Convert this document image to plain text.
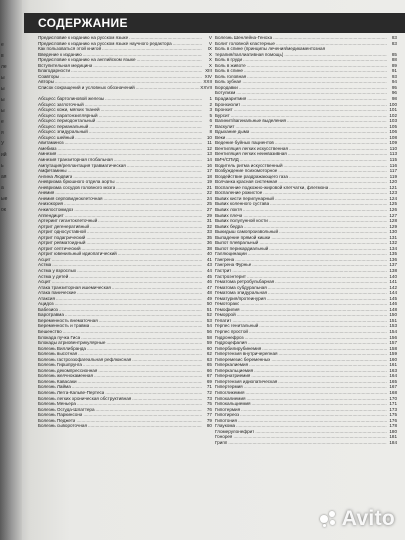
е
в
ле
ы
ы
ы
ы
е
я
У
ий
ь
ая
а
ые
ок
СОДЕРЖАНИЕ
Предисловие к изданию на русском языке .....	V
Предисловие к изданию на русском языке научного редактора .....	V
Как пользоваться этой книгой .....	IX
Введение к изданию .....	X
Предисловие к изданию на английском языке .....	X
Вступительная медицина .....	X
Благодарности .....	XIII
Соавторы .....	XIV
Авторы .....	XXII
Список сокращений и условных обозначений .....	XXVII
Абсцесс бартолиновой железы .....	1
Абсцесс заглоточный .....	2
Абсцесс кожи, мягких тканей .....	3
Абсцесс паратонзиллярный .....	5
Абсцесс периодонтальный .....	6
Абсцесс перианальный .....	7
Абсцесс эпидуральный .....	8
Абсцесс шейный .....	10
Авитаминоз .....	11
Амебиаз .....	12
Амнезия .....	13
Амнезия транзиторная глобальная .....	14
Ампутация/реплантация травматическая .....	16
Амфетамины .....	17
Ангина Людвига .....	18
Аневризма брюшного отдела аорты .....	19
Аневризма сосудов головного мозга .....	21
Анемия .....	22
Анемия серповидноклеточная .....	24
Анизокория .....	25
Анкилостомидоз .....	27
Аппендицит .....	29
Артериит гигантоклеточный .....	31
Артрит дегенеративный .....	32
Артрит односуставной .....	33
Артрит подагрический .....	35
Артрит ревматоидный .....	36
Артрит септический .....	38
Артрит ювенильный идиопатический .....	40
Асцит .....	41
Астма .....	43
Астма у взрослых .....	44
Астма у детей .....	45
Асцит .....	46
Атака транзиторная ишемическая .....	47
Атака панические .....	48
Атаксия .....	49
Ацидоз .....	50
Бабезиоз .....	51
Баротравма .....	52
Беременность внематочная .....	53
Беременность и травма .....	54
Бешенство .....	56
Блокада пучка Гиса .....	58
Блокады атриовентрикулярные .....	59
Болезнь Виллибранда .....	60
Болезнь высотная .....	62
Болезнь гастроэзофагеальная рефлюксная .....	63
Болезнь Гиршпрунга .....	65
Болезнь декомпрессионная .....	66
Болезнь желчнокаменная .....	67
Болезнь Кавасаки .....	69
Болезнь Лайма .....	71
Болезнь Легга-Кальве-Пертеса .....	72
Болезнь легких хроническая обструктивная .....	73
Болезнь Меньера .....	75
Болезнь Осгуда-Шлаттера .....	76
Болезнь Паркинсона .....	77
Болезнь Педжета .....	79
Болезнь сывороточная .....	80
Болезнь Шенлейна-Геноха .....	83
Болит головной кластерные .....	83
Боль в спине (принципы лечения/медикаментозная
терапия/паллиативная помощь) .....	85
Боль в груди .....	88
Боль в животе .....	89
Боль в спине .....	91
Боль головная .....	93
Боль зубная .....	94
Бородавки .....	95
Ботулизм .....	96
Брадиаритмия .....	98
Бронхиолит .....	100
Бронхит .....	101
Бурсит .....	102
Вагинит/вагинальные выделения .....	103
Васкулит .....	105
Вдыхание дыма .....	106
Веки .....	108
Ведение буйных пациентов .....	109
Вентиляция легких искусственная .....	110
Вентиляция легких неинвазивная .....	113
ВИЧ/СПИД .....	115
Водитель ритма искусственный .....	116
Возбуждение психомоторное .....	117
Воздействие раздражающего газа .....	119
Волчанка красная системная .....	120
Воспаление подкожно-жировой клетчатки, флегмона .....	121
Воспаление рожистое .....	123
Вывих кисти перилунарный .....	124
Вывих коленного сустава .....	125
Вывих локтя .....	126
Вывих плеча .....	127
Вывих полулунной кости .....	128
Вывих бедра .....	129
Выкидыш самопроизвольный .....	130
Выпадение прямой кишки .....	131
Выпот плевральный .....	132
Выпот перикардиальный .....	134
Галлюцинации .....	135
Гангрена .....	136
Гангрена Фурнье .....	137
Гастрит .....	138
Гастроэнтерит .....	140
Гематома ретробульбарная .....	141
Гематома субдуральная .....	142
Гематома эпидуральная .....	144
Гематурия/протеинурия .....	145
Гемоторакс .....	146
Гемофилия .....	148
Геморрой .....	150
Гепатит .....	151
Герпес генитальный .....	153
Герпес простой .....	154
Гидронефроз .....	156
Гидроцефалия .....	157
Гипербилирубинемия .....	158
Гипертензия внутричерепная .....	159
Гиперемезис беременных .....	160
Гиперкалиемия .....	161
Гиперкальциемия .....	163
Гипернатриемия .....	164
Гипертензия идиопатическая .....	165
Гипертермия .....	167
Гипогликемия .....	168
Гипокалиемия .....	170
Гипокальциемия .....	171
Гипотермия .....	173
Гипотиреоз .....	175
Гипотония .....	176
Глаукома .....	178
Гломерулонефрит .....	180
Гонорея .....	181
Грипп .....	184
Avito
